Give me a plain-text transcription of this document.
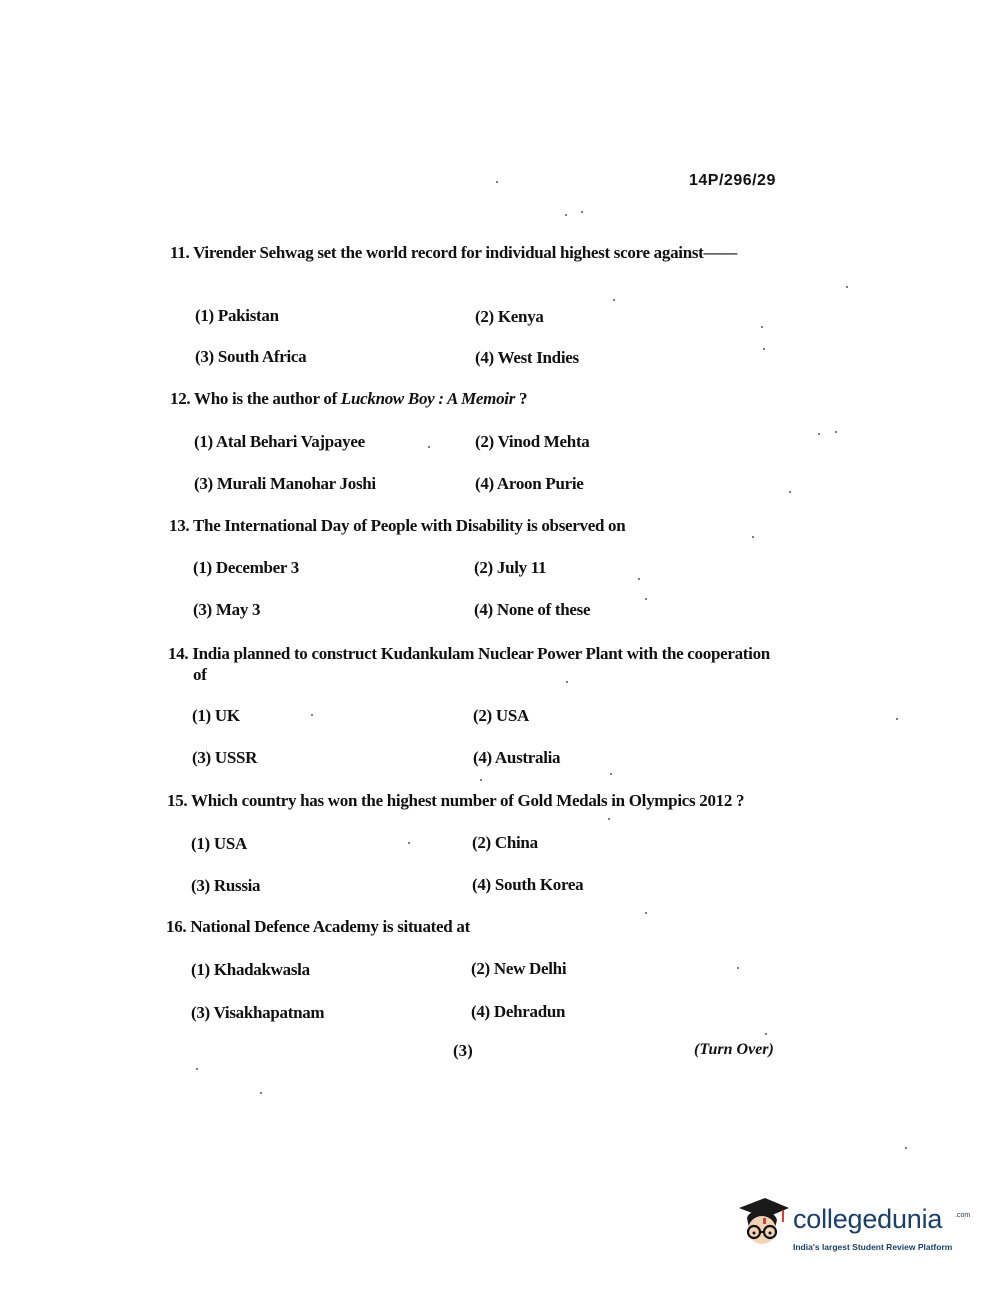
14P/296/29
11. Virender Sehwag set the world record for individual highest score against——
(1) Pakistan	(2) Kenya
(3) South Africa	(4) West Indies
12. Who is the author of Lucknow Boy : A Memoir ?
(1) Atal Behari Vajpayee	(2) Vinod Mehta
(3) Murali Manohar Joshi	(4) Aroon Purie
13. The International Day of People with Disability is observed on
(1) December 3	(2) July 11
(3) May 3	(4) None of these
14. India planned to construct Kudankulam Nuclear Power Plant with the cooperation
of
(1) UK	(2) USA
(3) USSR	(4) Australia
15. Which country has won the highest number of Gold Medals in Olympics 2012 ?
(1) USA	(2) China
(3) Russia	(4) South Korea
16. National Defence Academy is situated at
(1) Khadakwasla	(2) New Delhi
(3) Visakhapatnam	(4) Dehradun
(3)	(Turn Over)
collegedunia .com
India's largest Student Review Platform
